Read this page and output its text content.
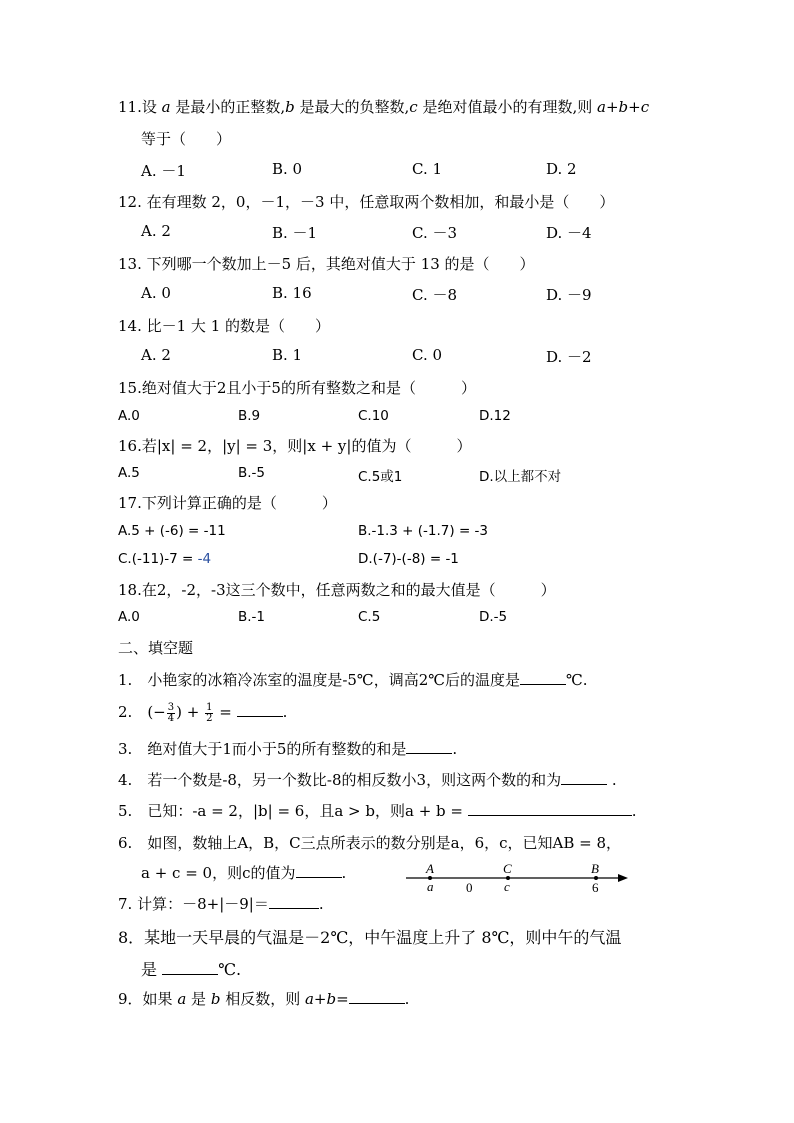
11.设 a 是最小的正整数,b 是最大的负整数,c 是绝对值最小的有理数,则 a+b+c
等于（　　）
A. －1	B. 0	C. 1	D. 2
12. 在有理数 2，0，－1，－3 中，任意取两个数相加，和最小是（　　）
A. 2	B. －1	C. －3	D. －4
13. 下列哪一个数加上－5 后，其绝对值大于 13 的是（　　）
A. 0	B. 16	C. －8	D. －9
14. 比－1 大 1 的数是（　　）
A. 2	B. 1	C. 0	D. －2
15.绝对值大于2且小于5的所有整数之和是（　　　）
A.0	B.9	C.10	D.12
16.若|x| = 2，|y| = 3，则|x + y|的值为（　　　）
A.5	B.-5	C.5或1	D.以上都不对
17.下列计算正确的是（　　　）
A.5 + (-6) = -11	B.-1.3 + (-1.7) = -3
C.(-11)-7 = -4	D.(-7)-(-8) = -1
18.在2，-2，-3这三个数中，任意两数之和的最大值是（　　　）
A.0	B.-1	C.5	D.-5
二、填空题
1. 小艳家的冰箱冷冻室的温度是-5℃，调高2℃后的温度是	℃.
2. (− $\frac{3}{4}$ ) + $\frac{1}{2}$ =	.
3. 绝对值大于1而小于5的所有整数的和是	.
4. 若一个数是-8，另一个数比-8的相反数小3，则这两个数的和为	.
5. 已知：-a = 2，|b| = 6，且a > b，则a + b =	.
6. 如图，数轴上A，B，C三点所表示的数分别是a，6，c，已知AB = 8，
a + c = 0，则c的值为	.	A	C	B
a	0 c	6
7. 计算：－8+|－9|＝	.
8．某地一天早晨的气温是－2℃，中午温度上升了 8℃，则中午的气温
是	℃.
9．如果 a 是 b 相反数，则 a+b=	.
